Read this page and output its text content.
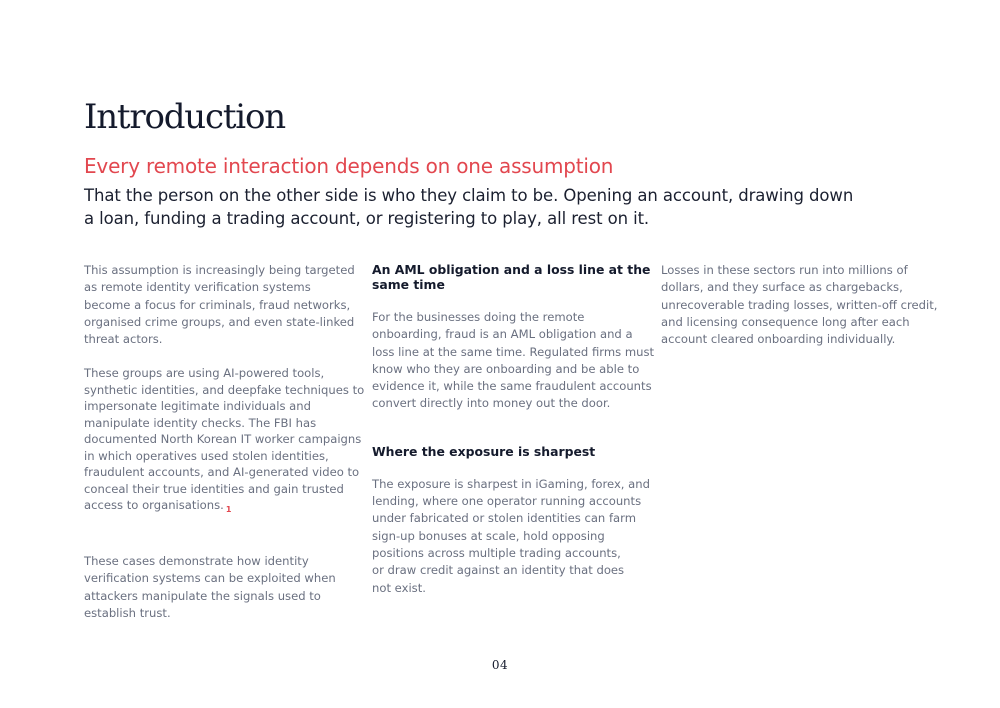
Introduction
Every remote interaction depends on one assumption

That the person on the other side is who they claim to be. Opening an account, drawing down
a loan, funding a trading account, or registering to play, all rest on it.

This assumption is increasingly being targeted
as remote identity verification systems
become a focus for criminals, fraud networks,
organised crime groups, and even state-linked
threat actors.

These groups are using AI-powered tools,
synthetic identities, and deepfake techniques to
impersonate legitimate individuals and
manipulate identity checks. The FBI has
documented North Korean IT worker campaigns
in which operatives used stolen identities,
fraudulent accounts, and AI-generated video to
conceal their true identities and gain trusted
access to organisations. $_1$

These cases demonstrate how identity
verification systems can be exploited when
attackers manipulate the signals used to
establish trust.

An AML obligation and a loss line at the
same time

For the businesses doing the remote
onboarding, fraud is an AML obligation and a
loss line at the same time. Regulated firms must
know who they are onboarding and be able to
evidence it, while the same fraudulent accounts
convert directly into money out the door.

Where the exposure is sharpest

The exposure is sharpest in iGaming, forex, and
lending, where one operator running accounts
under fabricated or stolen identities can farm
sign-up bonuses at scale, hold opposing
positions across multiple trading accounts,
or draw credit against an identity that does
not exist.

Losses in these sectors run into millions of
dollars, and they surface as chargebacks,
unrecoverable trading losses, written-off credit,
and licensing consequence long after each
account cleared onboarding individually.

04
